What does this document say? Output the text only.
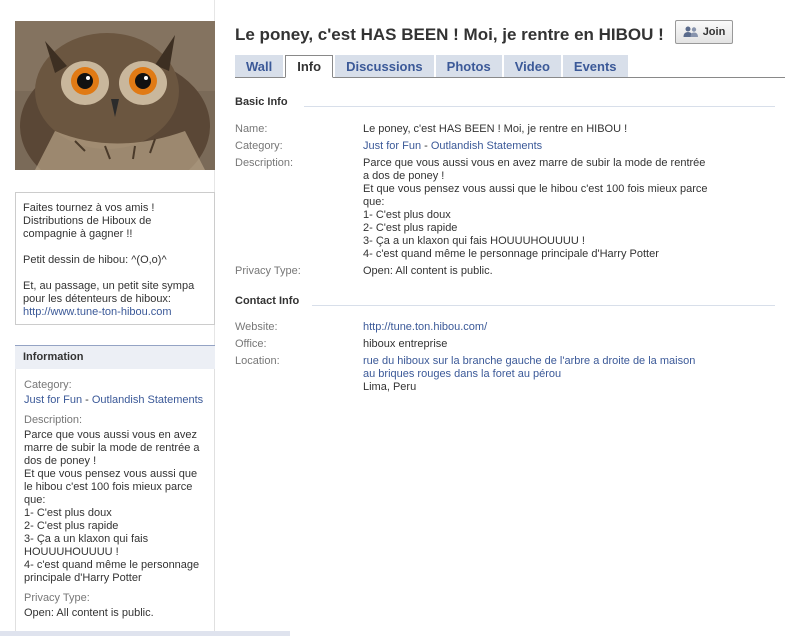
Faites tournez à vos amis !
Distributions de Hiboux de compagnie à gagner !!

Petit dessin de hibou: ^(O,o)^

Et, au passage, un petit site sympa pour les détenteurs de hiboux:
http://www.tune-ton-hibou.com

Information
Category:
Just for Fun - Outlandish Statements
Description:
Parce que vous aussi vous en avez marre de subir la mode de rentrée a dos de poney !
Et que vous pensez vous aussi que le hibou c'est 100 fois mieux parce que:
1- C'est plus doux
2- C'est plus rapide
3- Ça a un klaxon qui fais HOUUUHOUUUU !
4- c'est quand même le personnage principale d'Harry Potter
Privacy Type:
Open: All content is public.
Le poney, c'est HAS BEEN ! Moi, je rentre en HIBOU !	Join
Wall	Info	Discussions	Photos	Video	Events
Basic Info
Name:	Le poney, c'est HAS BEEN ! Moi, je rentre en HIBOU !
Category:	Just for Fun - Outlandish Statements
Description:	Parce que vous aussi vous en avez marre de subir la mode de rentrée
a dos de poney !
Et que vous pensez vous aussi que le hibou c'est 100 fois mieux parce
que:
1- C'est plus doux
2- C'est plus rapide
3- Ça a un klaxon qui fais HOUUUHOUUUU !
4- c'est quand même le personnage principale d'Harry Potter
Privacy Type:	Open: All content is public.
Contact Info
Website:	http://tune.ton.hibou.com/
Office:	hiboux entreprise
Location:	rue du hiboux sur la branche gauche de l'arbre a droite de la maison au briques rouges dans la foret au pérou
Lima, Peru
